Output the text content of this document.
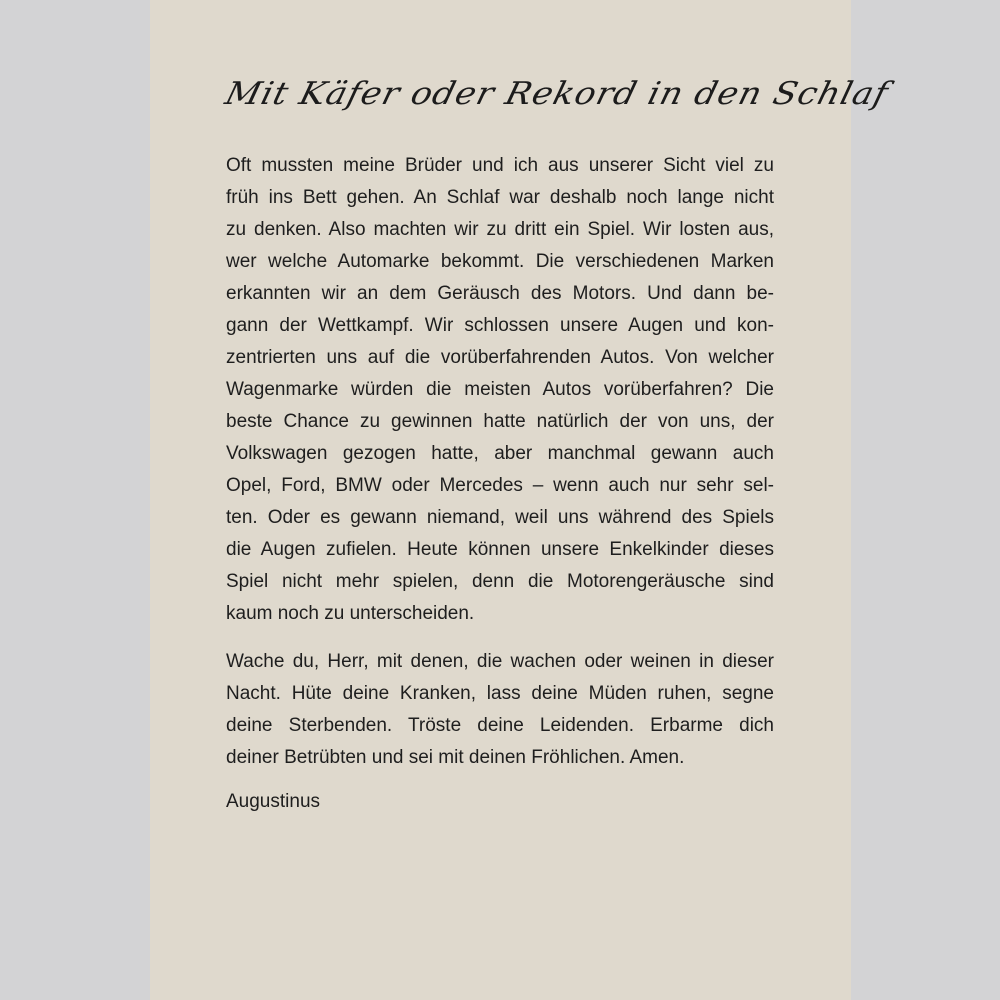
Mit Käfer oder Rekord in den Schlaf
Oft mussten meine Brüder und ich aus unserer Sicht viel zu
früh ins Bett gehen. An Schlaf war deshalb noch lange nicht
zu denken. Also machten wir zu dritt ein Spiel. Wir losten aus,
wer welche Automarke bekommt. Die verschiedenen Marken
erkannten wir an dem Geräusch des Motors. Und dann be-
gann der Wettkampf. Wir schlossen unsere Augen und kon-
zentrierten uns auf die vorüberfahrenden Autos. Von welcher
Wagenmarke würden die meisten Autos vorüberfahren? Die
beste Chance zu gewinnen hatte natürlich der von uns, der
Volkswagen gezogen hatte, aber manchmal gewann auch
Opel, Ford, BMW oder Mercedes – wenn auch nur sehr sel-
ten. Oder es gewann niemand, weil uns während des Spiels
die Augen zufielen. Heute können unsere Enkelkinder dieses
Spiel nicht mehr spielen, denn die Motorengeräusche sind
kaum noch zu unterscheiden.
Wache du, Herr, mit denen, die wachen oder weinen in dieser
Nacht. Hüte deine Kranken, lass deine Müden ruhen, segne
deine Sterbenden. Tröste deine Leidenden. Erbarme dich
deiner Betrübten und sei mit deinen Fröhlichen. Amen.

Augustinus
